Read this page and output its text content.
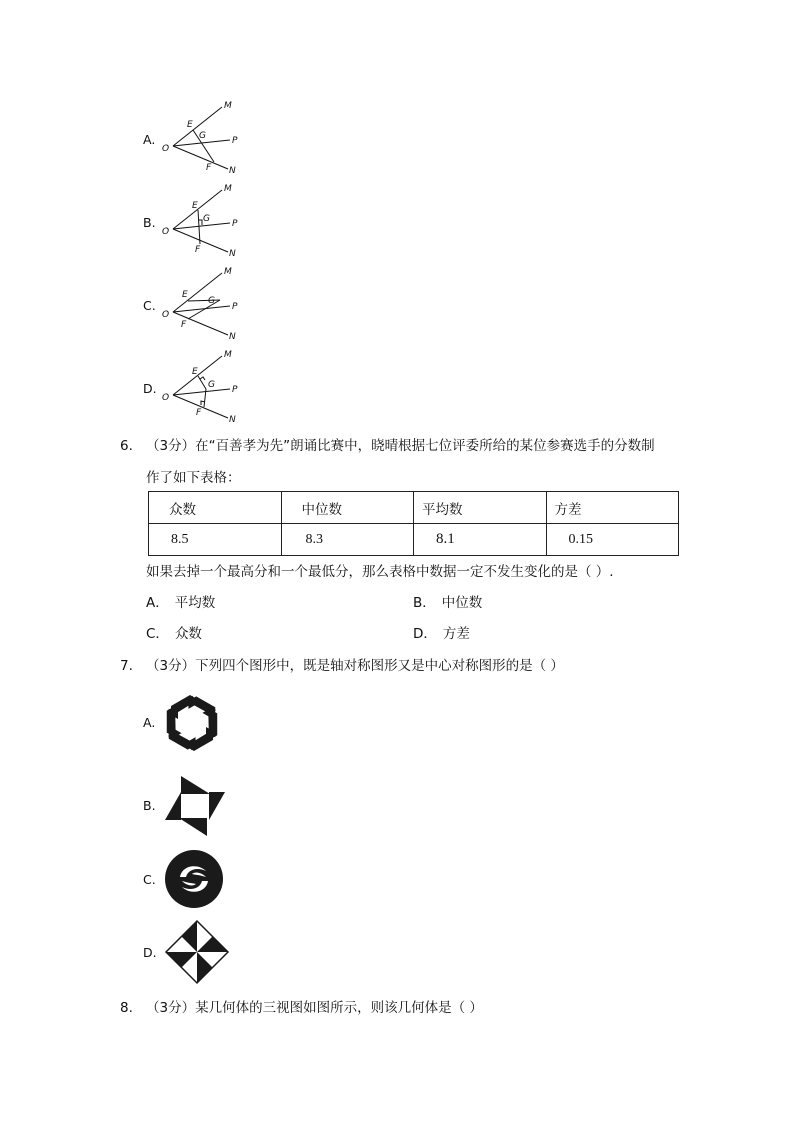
A.
M
E
G	P
O
F N
B.
M
E
G P
O
F	N
C.
M
E
G
P
O
F
N
D.
M
E
G P
O
F
N
6. （3分）在“百善孝为先”朗诵比赛中，晓晴根据七位评委所给的某位参赛选手的分数制
作了如下表格：
众数	中位数	平均数	方差
8.5	8.3	8.1	0.15
如果去掉一个最高分和一个最低分，那么表格中数据一定不发生变化的是（ ）.
A． 平均数	B． 中位数
C． 众数	D． 方差
7. （3分）下列四个图形中，既是轴对称图形又是中心对称图形的是（ ）
A.
B.
C.
D.
8. （3分）某几何体的三视图如图所示，则该几何体是（ ）
